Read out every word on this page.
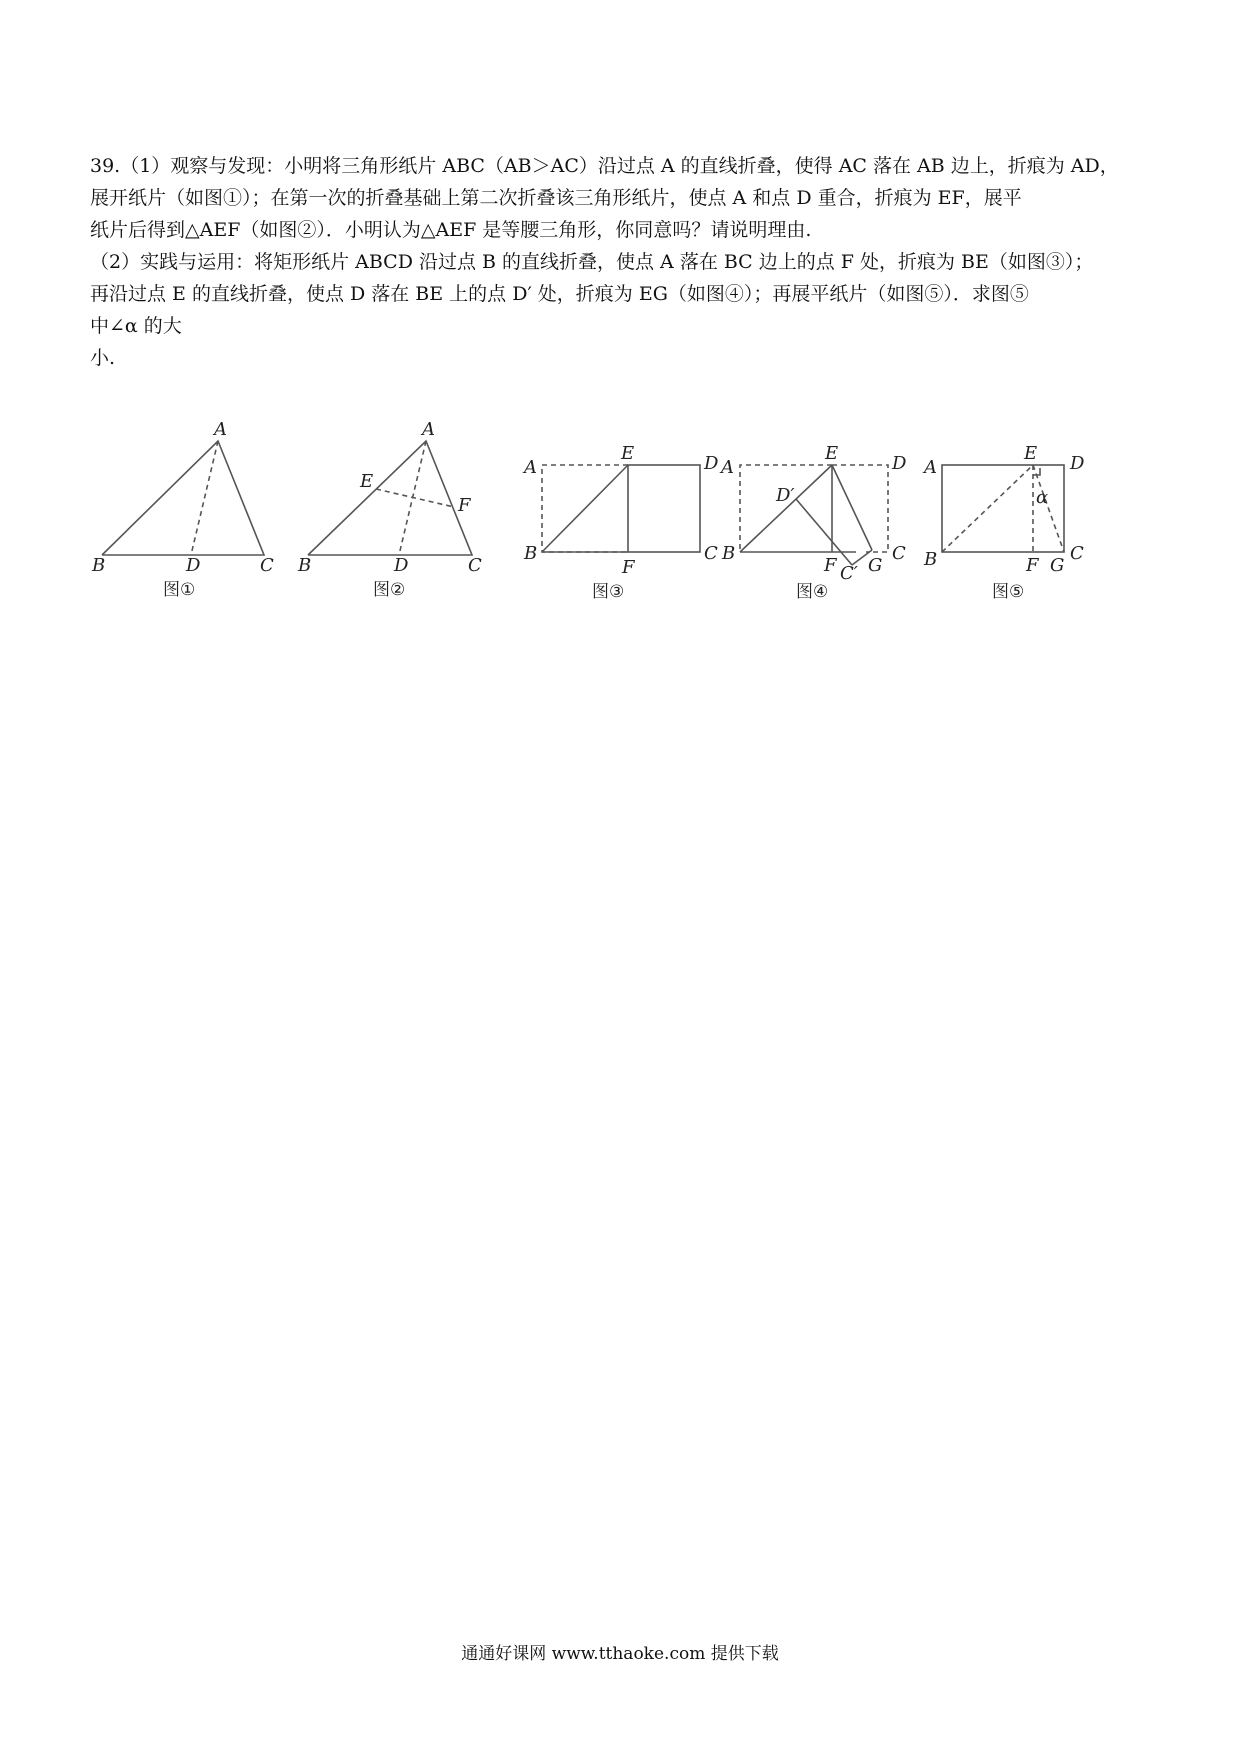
39.（1）观察与发现：小明将三角形纸片 ABC（AB＞AC）沿过点 A 的直线折叠，使得 AC 落在 AB 边上，折痕为 AD，

展开纸片（如图①）；在第一次的折叠基础上第二次折叠该三角形纸片，使点 A 和点 D 重合，折痕为 EF，展平

纸片后得到△AEF（如图②）．小明认为△AEF 是等腰三角形，你同意吗？请说明理由.

（2）实践与运用：将矩形纸片 ABCD 沿过点 B 的直线折叠，使点 A 落在 BC 边上的点 F 处，折痕为 BE（如图③）；

再沿过点 E 的直线折叠，使点 D 落在 BE 上的点 D′ 处，折痕为 EG（如图④）；再展平纸片（如图⑤）．求图⑤

中∠α 的大

小.

A
B	D	C
图①
A
E
F
B	D	C
图②
A
E	D
B
F
C
图③
A
E	D
D′
B
F C′ G
C
图④
E
A	D
α
B	F G
C
图⑤
通通好课网 www.tthaoke.com 提供下载
